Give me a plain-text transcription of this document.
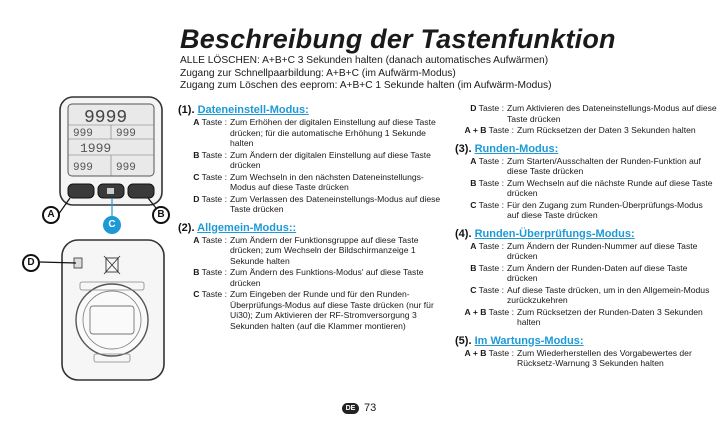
9999
999 999
1999
999 999
A	B
C
D
Beschreibung der Tastenfunktion
ALLE LÖSCHEN: A+B+C 3 Sekunden halten (danach automatisches Aufwärmen)
Zugang zur Schnellpaarbildung: A+B+C (im Aufwärm-Modus)
Zugang zum Löschen des eeprom: A+B+C 1 Sekunde halten (im Aufwärm-Modus)
(1). Dateneinstell-Modus:
A Taste : Zum Erhöhen der digitalen Einstellung auf diese Taste drücken; für die automatische Erhöhung 1 Sekunde halten
B Taste : Zum Ändern der digitalen Einstellung auf diese Taste drücken
C Taste : Zum Wechseln in den nächsten Dateneinstellungs-Modus auf diese Taste drücken
D Taste : Zum Verlassen des Dateneinstellungs-Modus auf diese Taste drücken
(2). Allgemein-Modus::
A Taste : Zum Ändern der Funktionsgruppe auf diese Taste drücken; zum Wechseln der Bildschirmanzeige 1 Sekunde halten
B Taste : Zum Ändern des Funktions-Modus' auf diese Taste drücken
C Taste : Zum Eingeben der Runde und für den Runden-Überprüfungs-Modus auf diese Taste drücken (nur für Ui30); Zum Aktivieren der RF-Stromversorgung 3 Sekunden halten (auf die Klammer montieren)
D Taste : Zum Aktivieren des Dateneinstellungs-Modus auf diese Taste drücken
A + B Taste : Zum Rücksetzen der Daten 3 Sekunden halten
(3). Runden-Modus:
A Taste : Zum Starten/Ausschalten der Runden-Funktion auf diese Taste drücken
B Taste : Zum Wechseln auf die nächste Runde auf diese Taste drücken
C Taste : Für den Zugang zum Runden-Überprüfungs-Modus auf diese Taste drücken
(4). Runden-Überprüfungs-Modus:
A Taste : Zum Ändern der Runden-Nummer auf diese Taste drücken
B Taste : Zum Ändern der Runden-Daten auf diese Taste drücken
C Taste : Auf diese Taste drücken, um in den Allgemein-Modus zurückzukehren
A + B Taste : Zum Rücksetzen der Runden-Daten 3 Sekunden halten
(5). Im Wartungs-Modus:
A + B Taste : Zum Wiederherstellen des Vorgabewertes der Rücksetz-Warnung 3 Sekunden halten
DE 73
